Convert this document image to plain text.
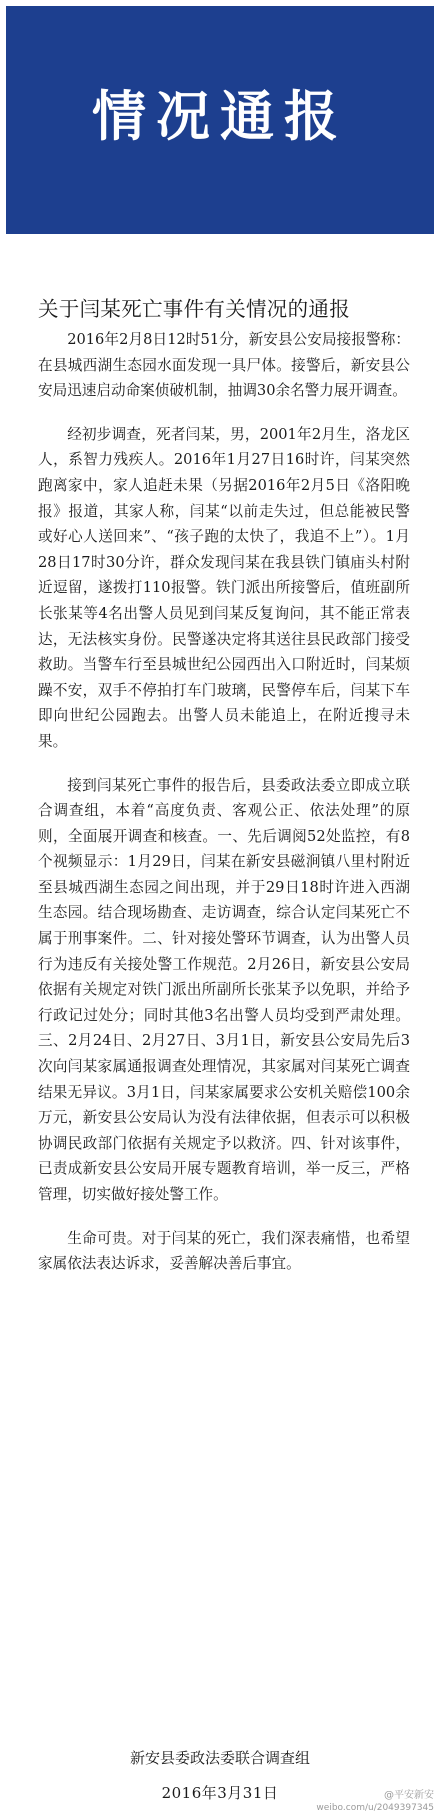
情况通报
关于闫某死亡事件有关情况的通报

2016年2月8日12时51分，新安县公安局接报警称：在县城西湖生态园水面发现一具尸体。接警后，新安县公安局迅速启动命案侦破机制，抽调30余名警力展开调查。

经初步调查，死者闫某，男，2001年2月生，洛龙区人，系智力残疾人。2016年1月27日16时许，闫某突然跑离家中，家人追赶未果（另据2016年2月5日《洛阳晚报》报道，其家人称，闫某“以前走失过，但总能被民警或好心人送回来”、“孩子跑的太快了，我追不上”）。1月28日17时30分许，群众发现闫某在我县铁门镇庙头村附近逗留，遂拨打110报警。铁门派出所接警后，值班副所长张某等4名出警人员见到闫某反复询问，其不能正常表达，无法核实身份。民警遂决定将其送往县民政部门接受救助。当警车行至县城世纪公园西出入口附近时，闫某烦躁不安，双手不停拍打车门玻璃，民警停车后，闫某下车即向世纪公园跑去。出警人员未能追上，在附近搜寻未果。

接到闫某死亡事件的报告后，县委政法委立即成立联合调查组，本着“高度负责、客观公正、依法处理”的原则，全面展开调查和核查。一、先后调阅52处监控，有8个视频显示：1月29日，闫某在新安县磁涧镇八里村附近至县城西湖生态园之间出现，并于29日18时许进入西湖生态园。结合现场勘查、走访调查，综合认定闫某死亡不属于刑事案件。二、针对接处警环节调查，认为出警人员行为违反有关接处警工作规范。2月26日，新安县公安局依据有关规定对铁门派出所副所长张某予以免职，并给予行政记过处分；同时其他3名出警人员均受到严肃处理。三、2月24日、2月27日、3月1日，新安县公安局先后3次向闫某家属通报调查处理情况，其家属对闫某死亡调查结果无异议。3月1日，闫某家属要求公安机关赔偿100余万元，新安县公安局认为没有法律依据，但表示可以积极协调民政部门依据有关规定予以救济。四、针对该事件，已责成新安县公安局开展专题教育培训，举一反三，严格管理，切实做好接处警工作。

生命可贵。对于闫某的死亡，我们深表痛惜，也希望家属依法表达诉求，妥善解决善后事宜。

新安县委政法委联合调查组
2016年3月31日	@平安新安
weibo.com/u/2049397345
